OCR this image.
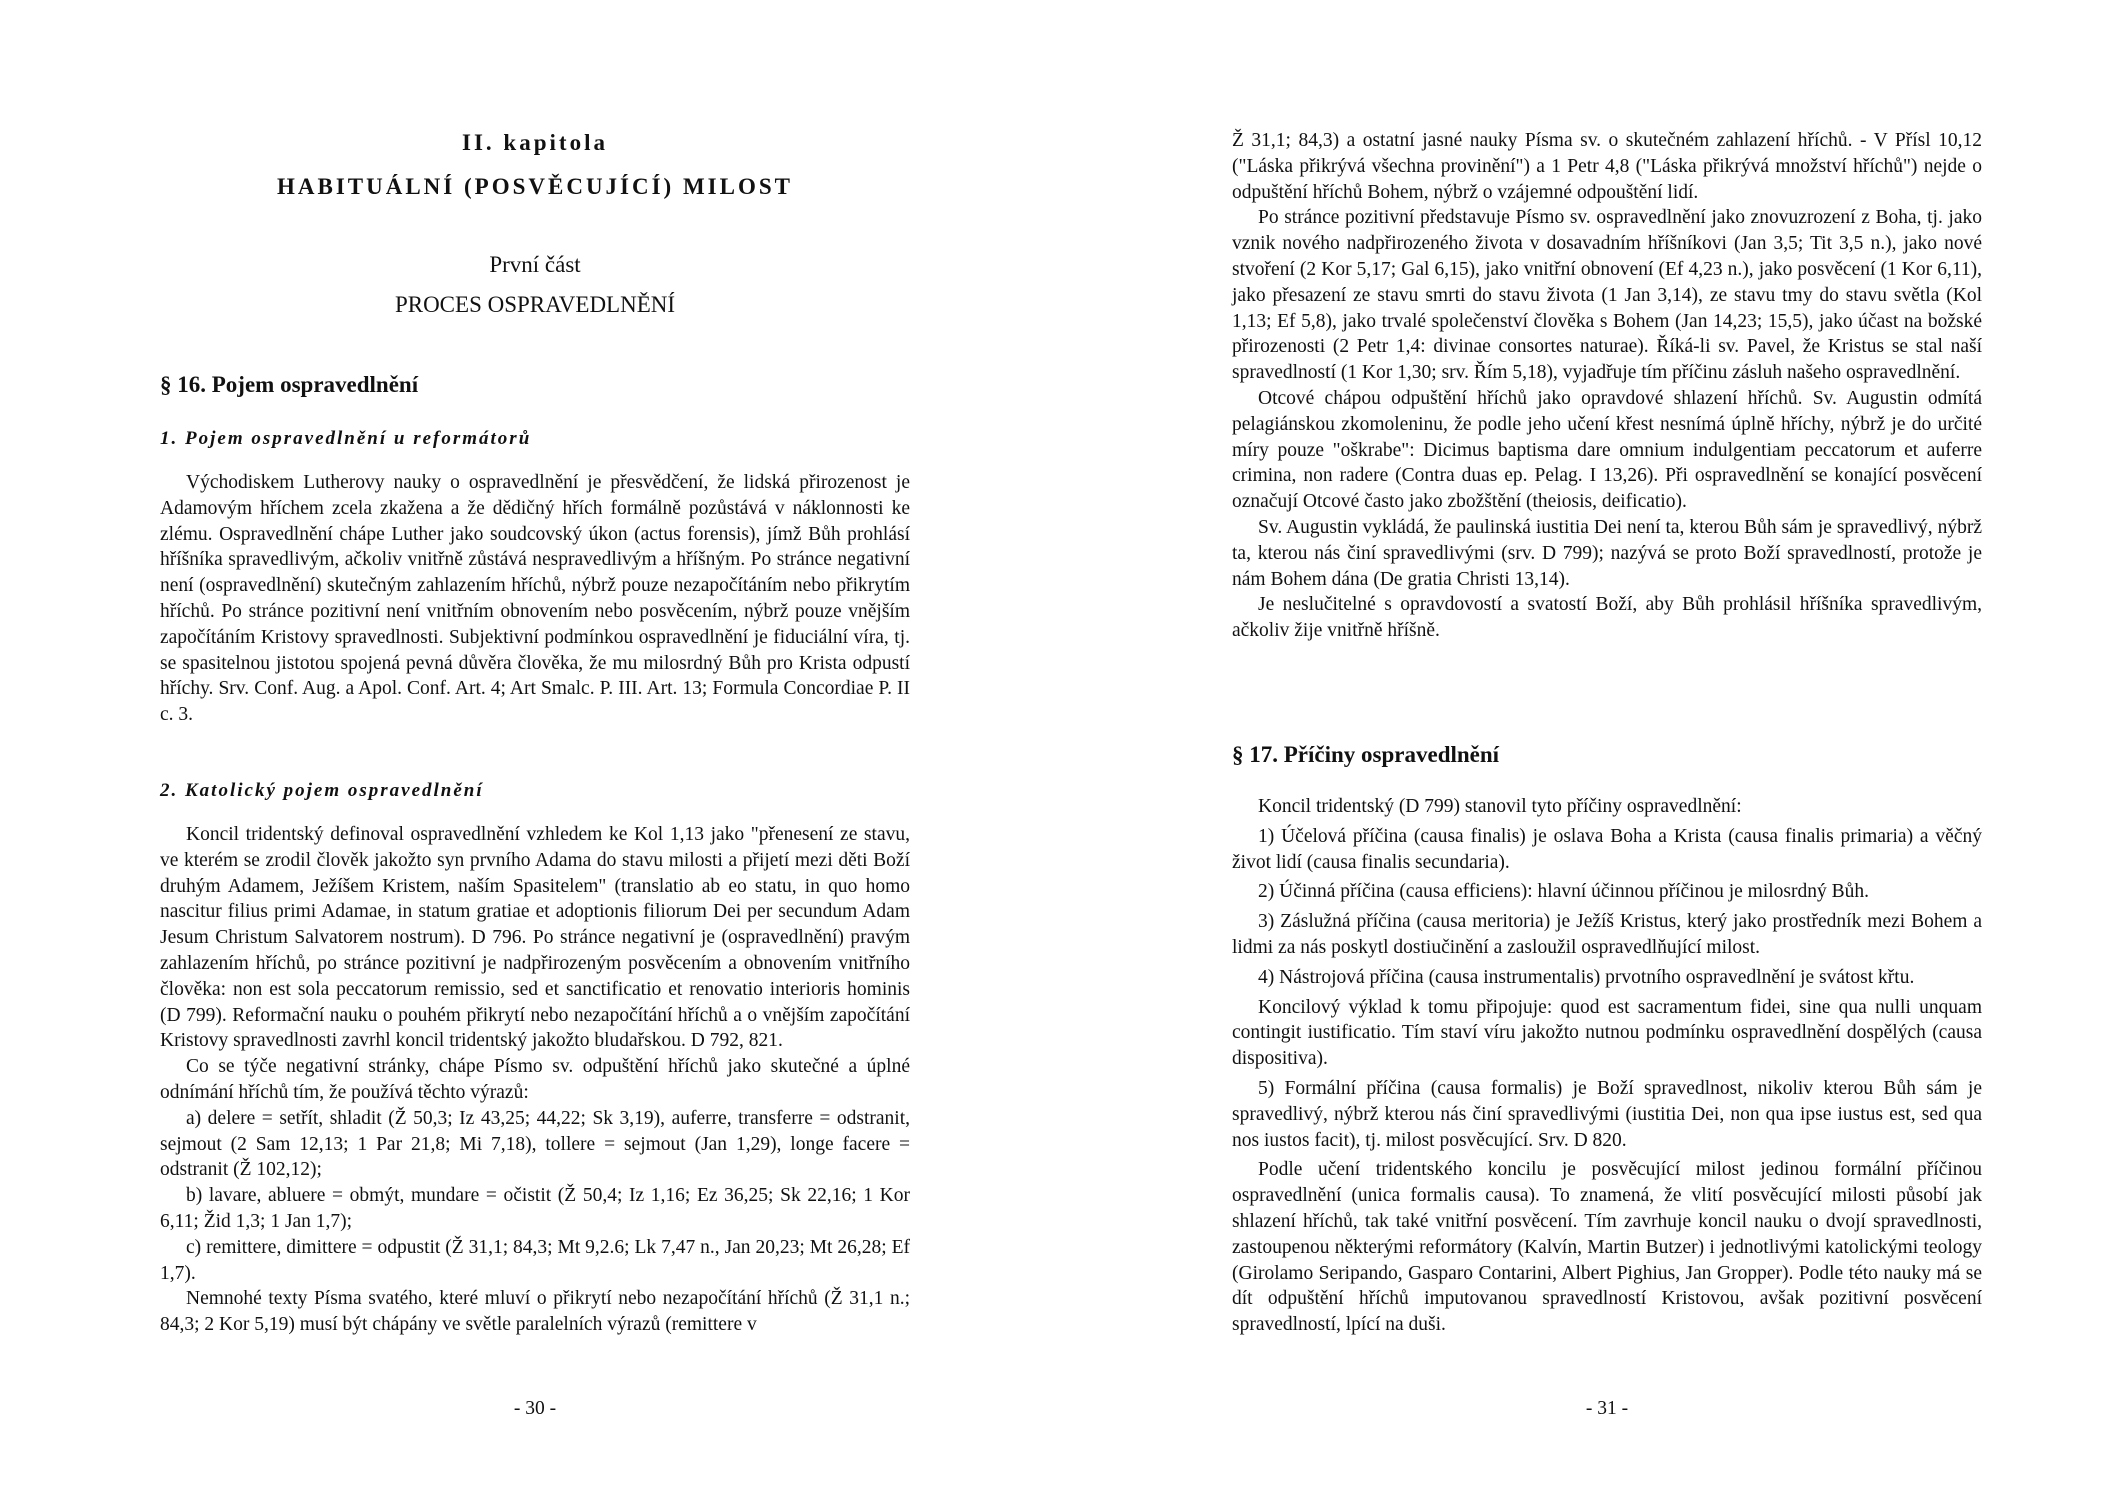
II. kapitola

HABITUÁLNÍ (POSVĚCUJÍCÍ) MILOST

První část

PROCES OSPRAVEDLNĚNÍ

§ 16. Pojem ospravedlnění
1. Pojem ospravedlnění u reformátorů

Východiskem Lutherovy nauky o ospravedlnění je přesvědčení, že lidská přirozenost je Adamovým hříchem zcela zkažena a že dědičný hřích formálně pozůstává v náklonnosti ke zlému. Ospravedlnění chápe Luther jako soudcovský úkon (actus forensis), jímž Bůh prohlásí hříšníka spravedlivým, ačkoliv vnitřně zůstává nespravedlivým a hříšným. Po stránce negativní není (ospravedlnění) skutečným zahlazením hříchů, nýbrž pouze nezapočítáním nebo přikrytím hříchů. Po stránce pozitivní není vnitřním obnovením nebo posvěcením, nýbrž pouze vnějším započítáním Kristovy spravedlnosti. Subjektivní podmínkou ospravedlnění je fiduciální víra, tj. se spasitelnou jistotou spojená pevná důvěra člověka, že mu milosrdný Bůh pro Krista odpustí hříchy. Srv. Conf. Aug. a Apol. Conf. Art. 4; Art Smalc. P. III. Art. 13; Formula Concordiae P. II c. 3.

2. Katolický pojem ospravedlnění

Koncil tridentský definoval ospravedlnění vzhledem ke Kol 1,13 jako "přenesení ze stavu, ve kterém se zrodil člověk jakožto syn prvního Adama do stavu milosti a přijetí mezi děti Boží druhým Adamem, Ježíšem Kristem, naším Spasitelem" (translatio ab eo statu, in quo homo nascitur filius primi Adamae, in statum gratiae et adoptionis filiorum Dei per secundum Adam Jesum Christum Salvatorem nostrum). D 796. Po stránce negativní je (ospravedlnění) pravým zahlazením hříchů, po stránce pozitivní je nadpřirozeným posvěcením a obnovením vnitřního člověka: non est sola peccatorum remissio, sed et sanctificatio et renovatio interioris hominis (D 799). Reformační nauku o pouhém přikrytí nebo nezapočítání hříchů a o vnějším započítání Kristovy spravedlnosti zavrhl koncil tridentský jakožto bludařskou. D 792, 821.

Co se týče negativní stránky, chápe Písmo sv. odpuštění hříchů jako skutečné a úplné odnímání hříchů tím, že používá těchto výrazů:

a) delere = setřít, shladit (Ž 50,3; Iz 43,25; 44,22; Sk 3,19), auferre, transferre = odstranit, sejmout (2 Sam 12,13; 1 Par 21,8; Mi 7,18), tollere = sejmout (Jan 1,29), longe facere = odstranit (Ž 102,12);

b) lavare, abluere = obmýt, mundare = očistit (Ž 50,4; Iz 1,16; Ez 36,25; Sk 22,16; 1 Kor 6,11; Žid 1,3; 1 Jan 1,7);

c) remittere, dimittere = odpustit (Ž 31,1; 84,3; Mt 9,2.6; Lk 7,47 n., Jan 20,23; Mt 26,28; Ef 1,7).

Nemnohé texty Písma svatého, které mluví o přikrytí nebo nezapočítání hříchů (Ž 31,1 n.; 84,3; 2 Kor 5,19) musí být chápány ve světle paralelních výrazů (remittere v

- 30 -

Ž 31,1; 84,3) a ostatní jasné nauky Písma sv. o skutečném zahlazení hříchů. - V Přísl 10,12 ("Láska přikrývá všechna provinění") a 1 Petr 4,8 ("Láska přikrývá množství hříchů") nejde o odpuštění hříchů Bohem, nýbrž o vzájemné odpouštění lidí.

Po stránce pozitivní představuje Písmo sv. ospravedlnění jako znovuzrození z Boha, tj. jako vznik nového nadpřirozeného života v dosavadním hříšníkovi (Jan 3,5; Tit 3,5 n.), jako nové stvoření (2 Kor 5,17; Gal 6,15), jako vnitřní obnovení (Ef 4,23 n.), jako posvěcení (1 Kor 6,11), jako přesazení ze stavu smrti do stavu života (1 Jan 3,14), ze stavu tmy do stavu světla (Kol 1,13; Ef 5,8), jako trvalé společenství člověka s Bohem (Jan 14,23; 15,5), jako účast na božské přirozenosti (2 Petr 1,4: divinae consortes naturae). Říká-li sv. Pavel, že Kristus se stal naší spravedlností (1 Kor 1,30; srv. Řím 5,18), vyjadřuje tím příčinu zásluh našeho ospravedlnění.

Otcové chápou odpuštění hříchů jako opravdové shlazení hříchů. Sv. Augustin odmítá pelagiánskou zkomoleninu, že podle jeho učení křest nesnímá úplně hříchy, nýbrž je do určité míry pouze "oškrabe": Dicimus baptisma dare omnium indulgentiam peccatorum et auferre crimina, non radere (Contra duas ep. Pelag. I 13,26). Při ospravedlnění se konající posvěcení označují Otcové často jako zbožštění (theiosis, deificatio).

Sv. Augustin vykládá, že paulinská iustitia Dei není ta, kterou Bůh sám je spravedlivý, nýbrž ta, kterou nás činí spravedlivými (srv. D 799); nazývá se proto Boží spravedlností, protože je nám Bohem dána (De gratia Christi 13,14).

Je neslučitelné s opravdovostí a svatostí Boží, aby Bůh prohlásil hříšníka spravedlivým, ačkoliv žije vnitřně hříšně.

§ 17. Příčiny ospravedlnění

Koncil tridentský (D 799) stanovil tyto příčiny ospravedlnění:

1) Účelová příčina (causa finalis) je oslava Boha a Krista (causa finalis primaria) a věčný život lidí (causa finalis secundaria).

2) Účinná příčina (causa efficiens): hlavní účinnou příčinou je milosrdný Bůh.

3) Záslužná příčina (causa meritoria) je Ježíš Kristus, který jako prostředník mezi Bohem a lidmi za nás poskytl dostiučinění a zasloužil ospravedlňující milost.

4) Nástrojová příčina (causa instrumentalis) prvotního ospravedlnění je svátost křtu.

Koncilový výklad k tomu připojuje: quod est sacramentum fidei, sine qua nulli unquam contingit iustificatio. Tím staví víru jakožto nutnou podmínku ospravedlnění dospělých (causa dispositiva).

5) Formální příčina (causa formalis) je Boží spravedlnost, nikoliv kterou Bůh sám je spravedlivý, nýbrž kterou nás činí spravedlivými (iustitia Dei, non qua ipse iustus est, sed qua nos iustos facit), tj. milost posvěcující. Srv. D 820.

Podle učení tridentského koncilu je posvěcující milost jedinou formální příčinou ospravedlnění (unica formalis causa). To znamená, že vlití posvěcující milosti působí jak shlazení hříchů, tak také vnitřní posvěcení. Tím zavrhuje koncil nauku o dvojí spravedlnosti, zastoupenou některými reformátory (Kalvín, Martin Butzer) i jednotlivými katolickými teology (Girolamo Seripando, Gasparo Contarini, Albert Pighius, Jan Gropper). Podle této nauky má se dít odpuštění hříchů imputovanou spravedlností Kristovou, avšak pozitivní posvěcení spravedlností, lpící na duši.

- 31 -
